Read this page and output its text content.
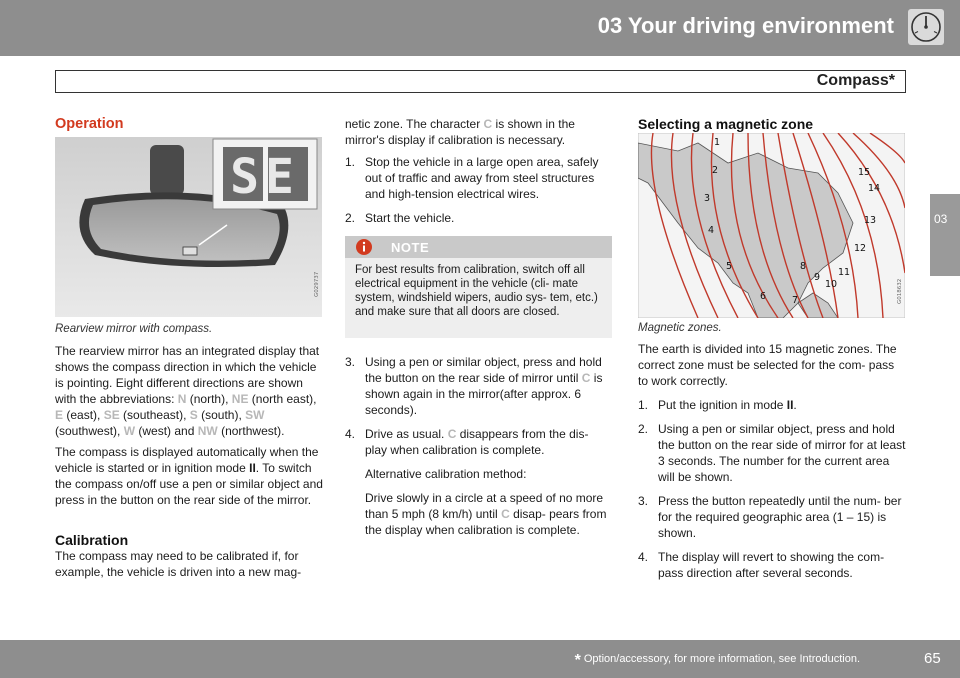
03 Your driving environment
Compass*
03
Operation
SE
G029737
Rearview mirror with compass.
The rearview mirror has an integrated display that shows the compass direction in which the vehicle is pointing. Eight different directions are shown with the abbreviations: N (north), NE (north east), E (east), SE (southeast), S (south), SW (southwest), W (west) and NW (northwest).
The compass is displayed automatically when the vehicle is started or in ignition mode II. To switch the compass on/off use a pen or similar object and press in the button on the rear side of the mirror.
Calibration
The compass may need to be calibrated if, for example, the vehicle is driven into a new mag-
netic zone. The character C is shown in the mirror's display if calibration is necessary.
1. Stop the vehicle in a large open area, safely out of traffic and away from steel structures and high-tension electrical wires.
2. Start the vehicle.
NOTE
For best results from calibration, switch off all electrical equipment in the vehicle (cli- mate system, windshield wipers, audio sys- tem, etc.) and make sure that all doors are closed.
3. Using a pen or similar object, press and hold the button on the rear side of mirror until C is shown again in the mirror(after approx. 6 seconds).
4. Drive as usual. C disappears from the dis- play when calibration is complete.
Alternative calibration method:
Drive slowly in a circle at a speed of no more than 5 mph (8 km/h) until C disap- pears from the display when calibration is complete.
Selecting a magnetic zone
1
2
3
4
5
6	7
8
9
10
11
12
13
14
15
G018632
Magnetic zones.
The earth is divided into 15 magnetic zones. The correct zone must be selected for the com- pass to work correctly.
1. Put the ignition in mode II.
2. Using a pen or similar object, press and hold the button on the rear side of mirror for at least 3 seconds. The number for the current area will be shown.
3. Press the button repeatedly until the num- ber for the required geographic area (1 – 15) is shown.
4. The display will revert to showing the com- pass direction after several seconds.
* Option/accessory, for more information, see Introduction.	65
